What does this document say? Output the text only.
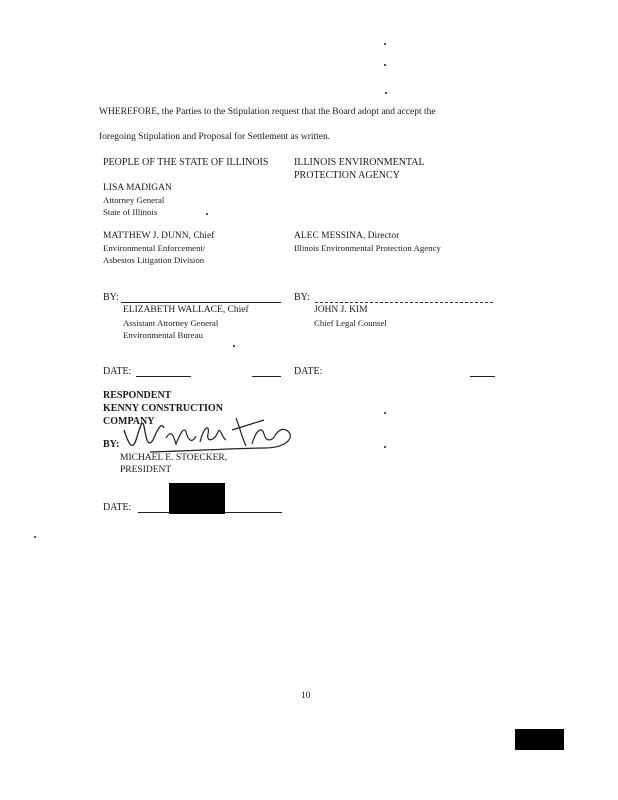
WHEREFORE, the Parties to the Stipulation request that the Board adopt and accept the
foregoing Stipulation and Proposal for Settlement as written.
PEOPLE OF THE STATE OF ILLINOIS
LISA MADIGAN
Attorney General
State of Illinois
MATTHEW J. DUNN, Chief
Environmental Enforcement/
Asbestos Litigation Division
BY:
ELIZABETH WALLACE, Chief
Assistant Attorney General
Environmental Bureau
DATE:
ILLINOIS ENVIRONMENTAL
PROTECTION AGENCY
ALEC MESSINA, Director
Illinois Environmental Protection Agency
BY:
JOHN J. KIM
Chief Legal Counsel
DATE:
RESPONDENT
KENNY CONSTRUCTION
COMPANY
BY:
MICHAEL E. STOECKER,
PRESIDENT
DATE:
10
